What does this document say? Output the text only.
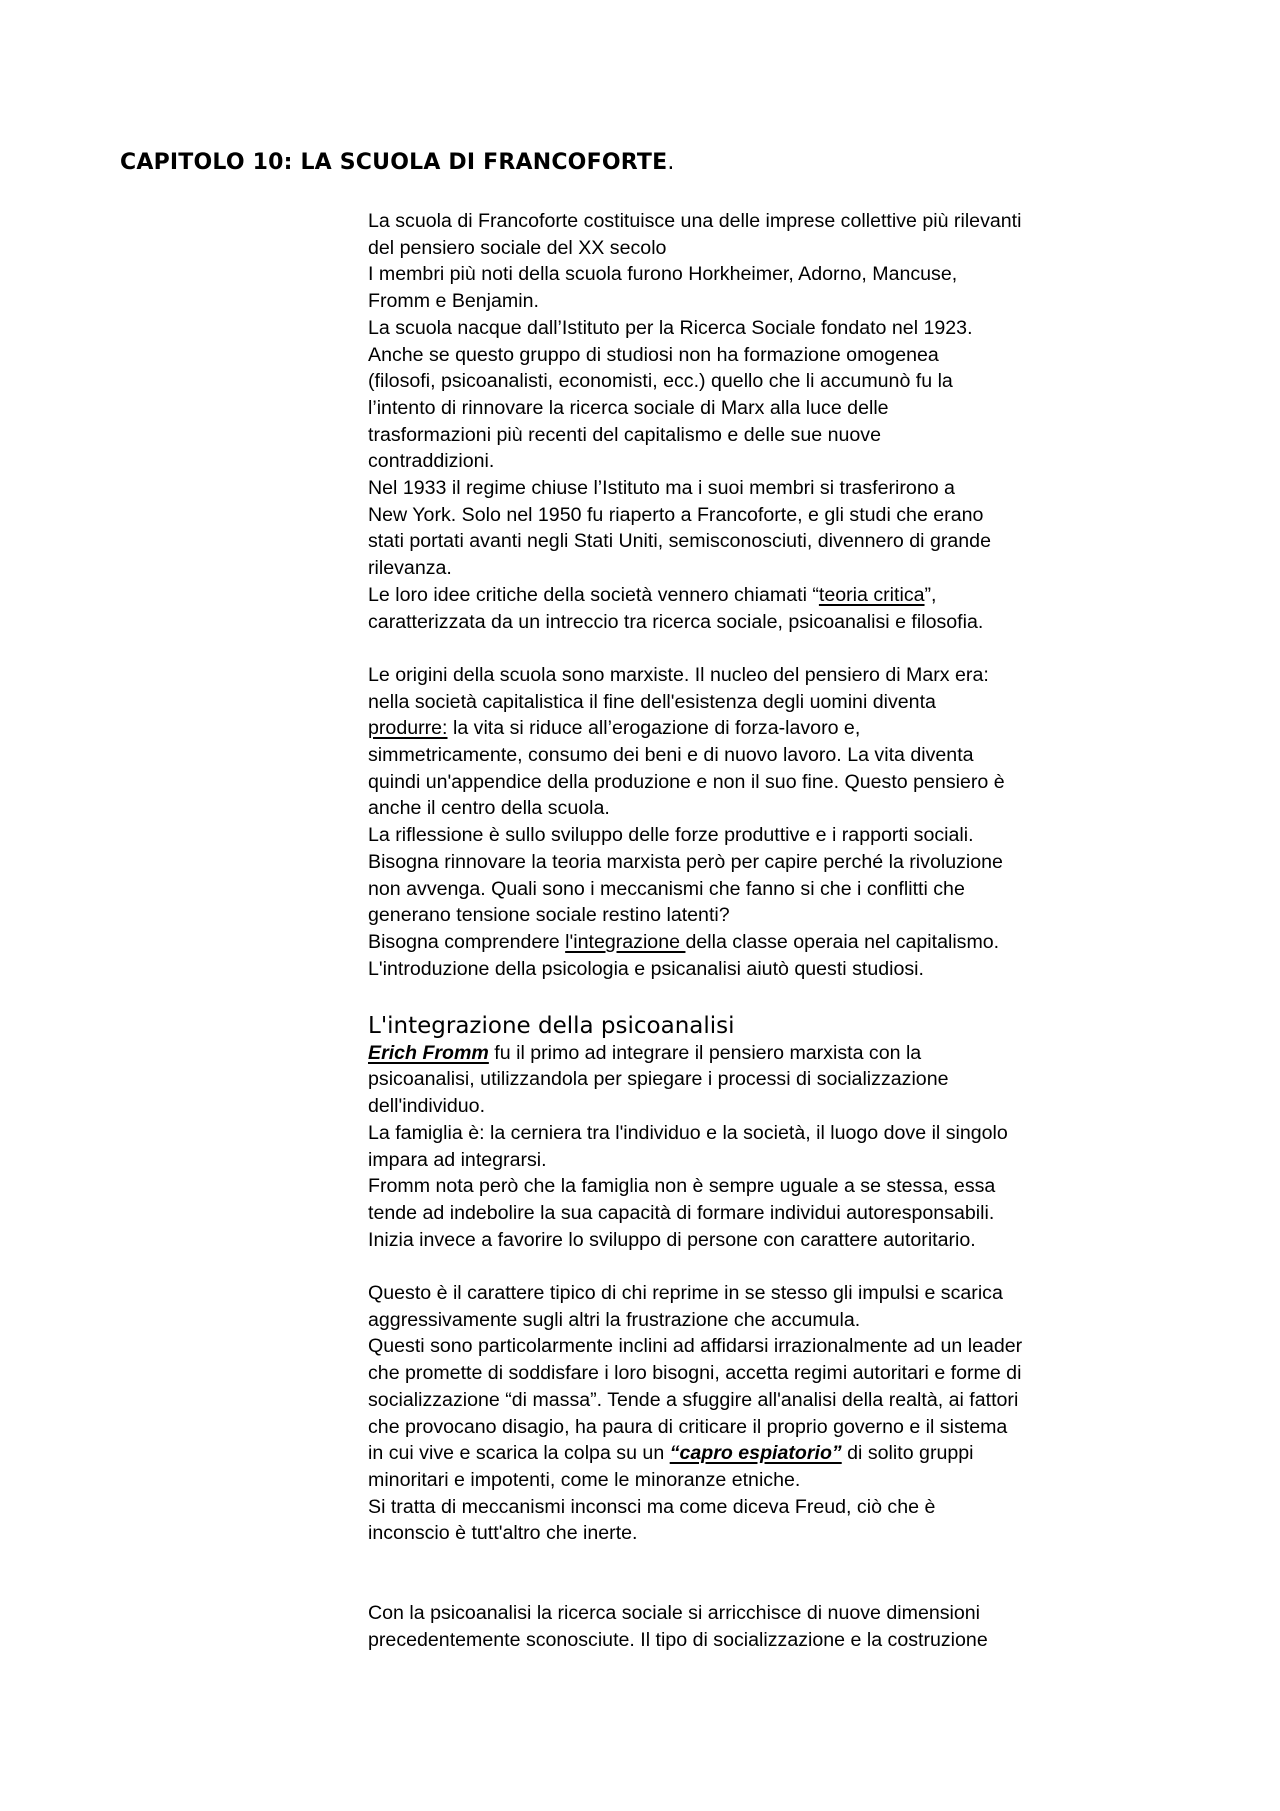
CAPITOLO 10: LA SCUOLA DI FRANCOFORTE.
La scuola di Francoforte costituisce una delle imprese collettive più rilevanti
del pensiero sociale del XX secolo
I membri più noti della scuola furono Horkheimer, Adorno, Mancuse,
Fromm e Benjamin.
La scuola nacque dall’Istituto per la Ricerca Sociale fondato nel 1923.
Anche se questo gruppo di studiosi non ha formazione omogenea
(filosofi, psicoanalisti, economisti, ecc.) quello che li accumunò fu la
l’intento di rinnovare la ricerca sociale di Marx alla luce delle
trasformazioni più recenti del capitalismo e delle sue nuove
contraddizioni.
Nel 1933 il regime chiuse l’Istituto ma i suoi membri si trasferirono a
New York. Solo nel 1950 fu riaperto a Francoforte, e gli studi che erano
stati portati avanti negli Stati Uniti, semisconosciuti, divennero di grande
rilevanza.
Le loro idee critiche della società vennero chiamati “teoria critica”,
caratterizzata da un intreccio tra ricerca sociale, psicoanalisi e filosofia.
Le origini della scuola sono marxiste. Il nucleo del pensiero di Marx era:
nella società capitalistica il fine dell'esistenza degli uomini diventa
produrre: la vita si riduce all’erogazione di forza-lavoro e,
simmetricamente, consumo dei beni e di nuovo lavoro. La vita diventa
quindi un'appendice della produzione e non il suo fine. Questo pensiero è
anche il centro della scuola.
La riflessione è sullo sviluppo delle forze produttive e i rapporti sociali.
Bisogna rinnovare la teoria marxista però per capire perché la rivoluzione
non avvenga. Quali sono i meccanismi che fanno si che i conflitti che
generano tensione sociale restino latenti?
Bisogna comprendere l'integrazione della classe operaia nel capitalismo.
L'introduzione della psicologia e psicanalisi aiutò questi studiosi.
L'integrazione della psicoanalisi
Erich Fromm fu il primo ad integrare il pensiero marxista con la
psicoanalisi, utilizzandola per spiegare i processi di socializzazione
dell'individuo.
La famiglia è: la cerniera tra l'individuo e la società, il luogo dove il singolo
impara ad integrarsi.
Fromm nota però che la famiglia non è sempre uguale a se stessa, essa
tende ad indebolire la sua capacità di formare individui autoresponsabili.
Inizia invece a favorire lo sviluppo di persone con carattere autoritario.
Questo è il carattere tipico di chi reprime in se stesso gli impulsi e scarica
aggressivamente sugli altri la frustrazione che accumula.
Questi sono particolarmente inclini ad affidarsi irrazionalmente ad un leader
che promette di soddisfare i loro bisogni, accetta regimi autoritari e forme di
socializzazione “di massa”. Tende a sfuggire all'analisi della realtà, ai fattori
che provocano disagio, ha paura di criticare il proprio governo e il sistema
in cui vive e scarica la colpa su un “capro espiatorio” di solito gruppi
minoritari e impotenti, come le minoranze etniche.
Si tratta di meccanismi inconsci ma come diceva Freud, ciò che è
inconscio è tutt'altro che inerte.
Con la psicoanalisi la ricerca sociale si arricchisce di nuove dimensioni
precedentemente sconosciute. Il tipo di socializzazione e la costruzione
